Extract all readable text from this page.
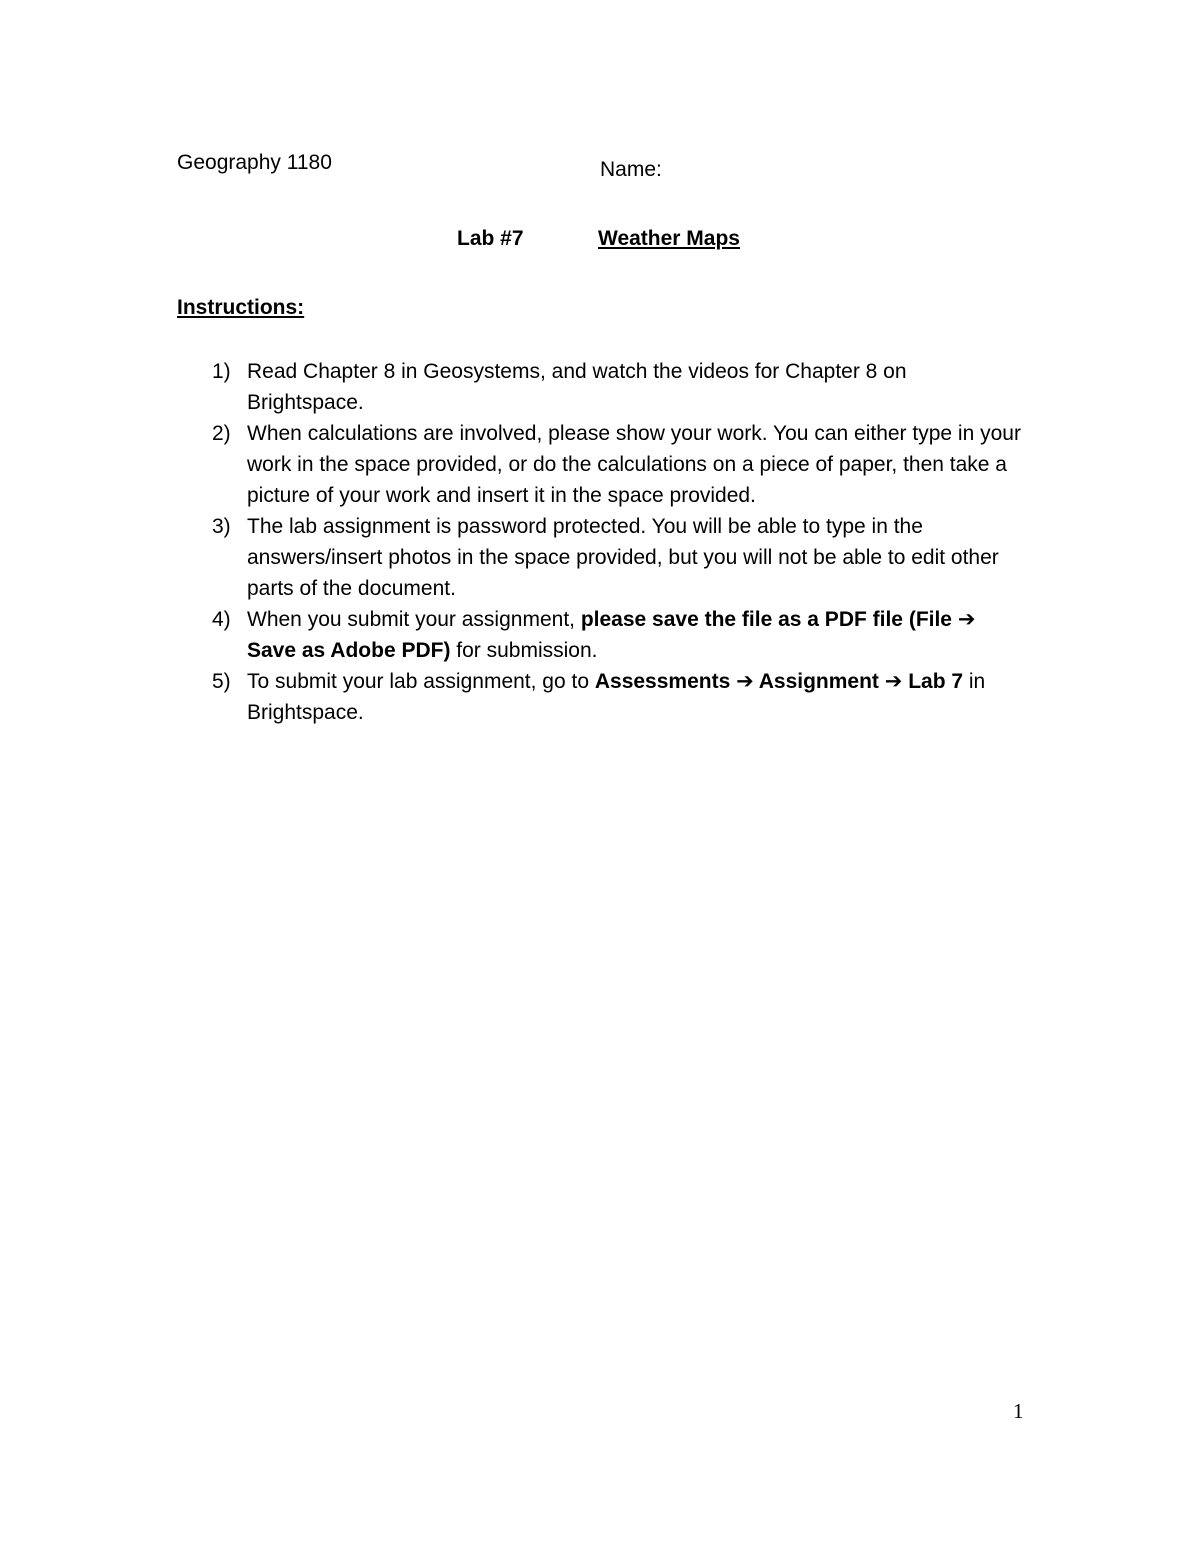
Geography 1180	Name:
Lab #7	Weather Maps
Instructions:
1) Read Chapter 8 in Geosystems, and watch the videos for Chapter 8 on Brightspace.
2) When calculations are involved, please show your work. You can either type in your work in the space provided, or do the calculations on a piece of paper, then take a picture of your work and insert it in the space provided.
3) The lab assignment is password protected. You will be able to type in the answers/insert photos in the space provided, but you will not be able to edit other parts of the document.
4) When you submit your assignment, please save the file as a PDF file (File ➔ Save as Adobe PDF) for submission.
5) To submit your lab assignment, go to Assessments ➔ Assignment ➔ Lab 7 in Brightspace.
1
